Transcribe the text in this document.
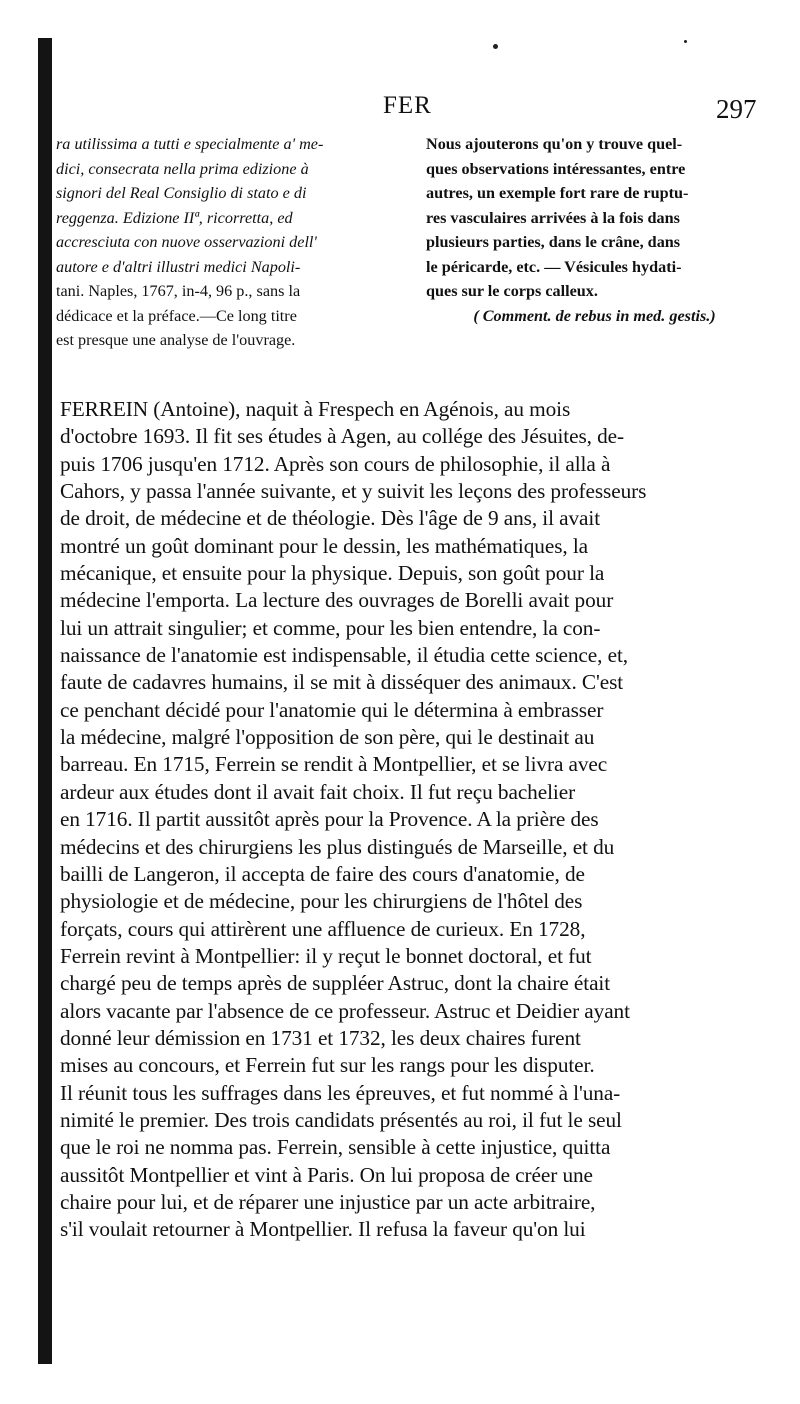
FER	297
ra utilissima a tutti e specialmente a' me-
dici, consecrata nella prima edizione à
signori del Real Consiglio di stato e di
reggenza. Edizione IIª, ricorretta, ed
accresciuta con nuove osservazioni dell'
autore e d'altri illustri medici Napoli-
tani. Naples, 1767, in-4, 96 p., sans la
dédicace et la préface.—Ce long titre
est presque une analyse de l'ouvrage.
Nous ajouterons qu'on y trouve quel-
ques observations intéressantes, entre
autres, un exemple fort rare de ruptu-
res vasculaires arrivées à la fois dans
plusieurs parties, dans le crâne, dans
le péricarde, etc. — Vésicules hydati-
ques sur le corps calleux.
( Comment. de rebus in med. gestis.)
FERREIN (Antoine), naquit à Frespech en Agénois, au mois
d'octobre 1693. Il fit ses études à Agen, au collége des Jésuites, de-
puis 1706 jusqu'en 1712. Après son cours de philosophie, il alla à
Cahors, y passa l'année suivante, et y suivit les leçons des professeurs
de droit, de médecine et de théologie. Dès l'âge de 9 ans, il avait
montré un goût dominant pour le dessin, les mathématiques, la
mécanique, et ensuite pour la physique. Depuis, son goût pour la
médecine l'emporta. La lecture des ouvrages de Borelli avait pour
lui un attrait singulier; et comme, pour les bien entendre, la con-
naissance de l'anatomie est indispensable, il étudia cette science, et,
faute de cadavres humains, il se mit à disséquer des animaux. C'est
ce penchant décidé pour l'anatomie qui le détermina à embrasser
la médecine, malgré l'opposition de son père, qui le destinait au
barreau. En 1715, Ferrein se rendit à Montpellier, et se livra avec
ardeur aux études dont il avait fait choix. Il fut reçu bachelier
en 1716. Il partit aussitôt après pour la Provence. A la prière des
médecins et des chirurgiens les plus distingués de Marseille, et du
bailli de Langeron, il accepta de faire des cours d'anatomie, de
physiologie et de médecine, pour les chirurgiens de l'hôtel des
forçats, cours qui attirèrent une affluence de curieux. En 1728,
Ferrein revint à Montpellier: il y reçut le bonnet doctoral, et fut
chargé peu de temps après de suppléer Astruc, dont la chaire était
alors vacante par l'absence de ce professeur. Astruc et Deidier ayant
donné leur démission en 1731 et 1732, les deux chaires furent
mises au concours, et Ferrein fut sur les rangs pour les disputer.
Il réunit tous les suffrages dans les épreuves, et fut nommé à l'una-
nimité le premier. Des trois candidats présentés au roi, il fut le seul
que le roi ne nomma pas. Ferrein, sensible à cette injustice, quitta
aussitôt Montpellier et vint à Paris. On lui proposa de créer une
chaire pour lui, et de réparer une injustice par un acte arbitraire,
s'il voulait retourner à Montpellier. Il refusa la faveur qu'on lui
